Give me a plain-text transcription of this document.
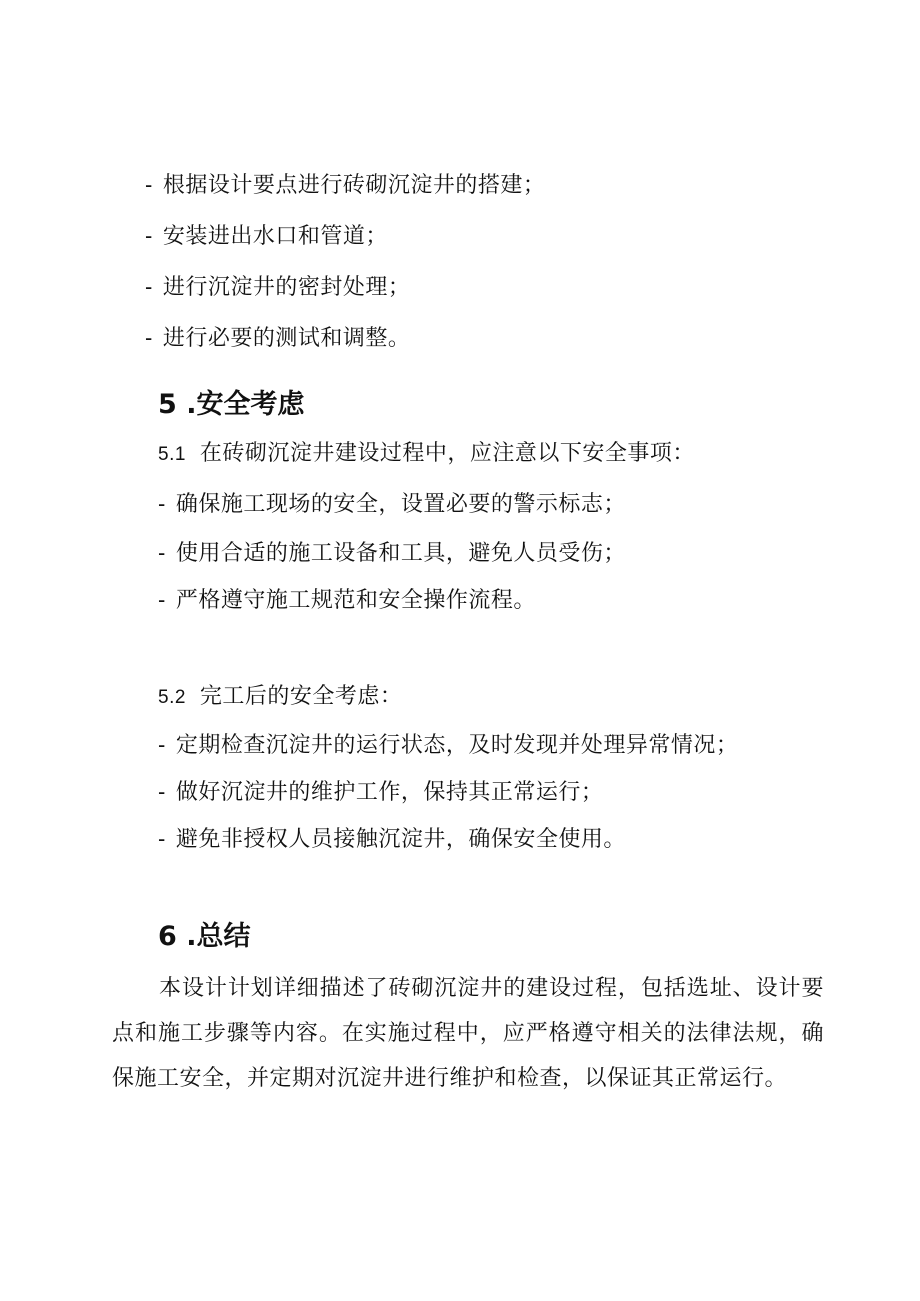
- 根据设计要点进行砖砌沉淀井的搭建；
- 安装进出水口和管道；
- 进行沉淀井的密封处理；
- 进行必要的测试和调整。
5 .安全考虑
5.1 在砖砌沉淀井建设过程中，应注意以下安全事项：
- 确保施工现场的安全，设置必要的警示标志；
- 使用合适的施工设备和工具，避免人员受伤；
- 严格遵守施工规范和安全操作流程。
5.2 完工后的安全考虑：
- 定期检查沉淀井的运行状态，及时发现并处理异常情况；
- 做好沉淀井的维护工作，保持其正常运行；
- 避免非授权人员接触沉淀井，确保安全使用。
6 .总结
本设计计划详细描述了砖砌沉淀井的建设过程，包括选址、设计要点和施工步骤等内容。在实施过程中，应严格遵守相关的法律法规，确保施工安全，并定期对沉淀井进行维护和检查，以保证其正常运行。
